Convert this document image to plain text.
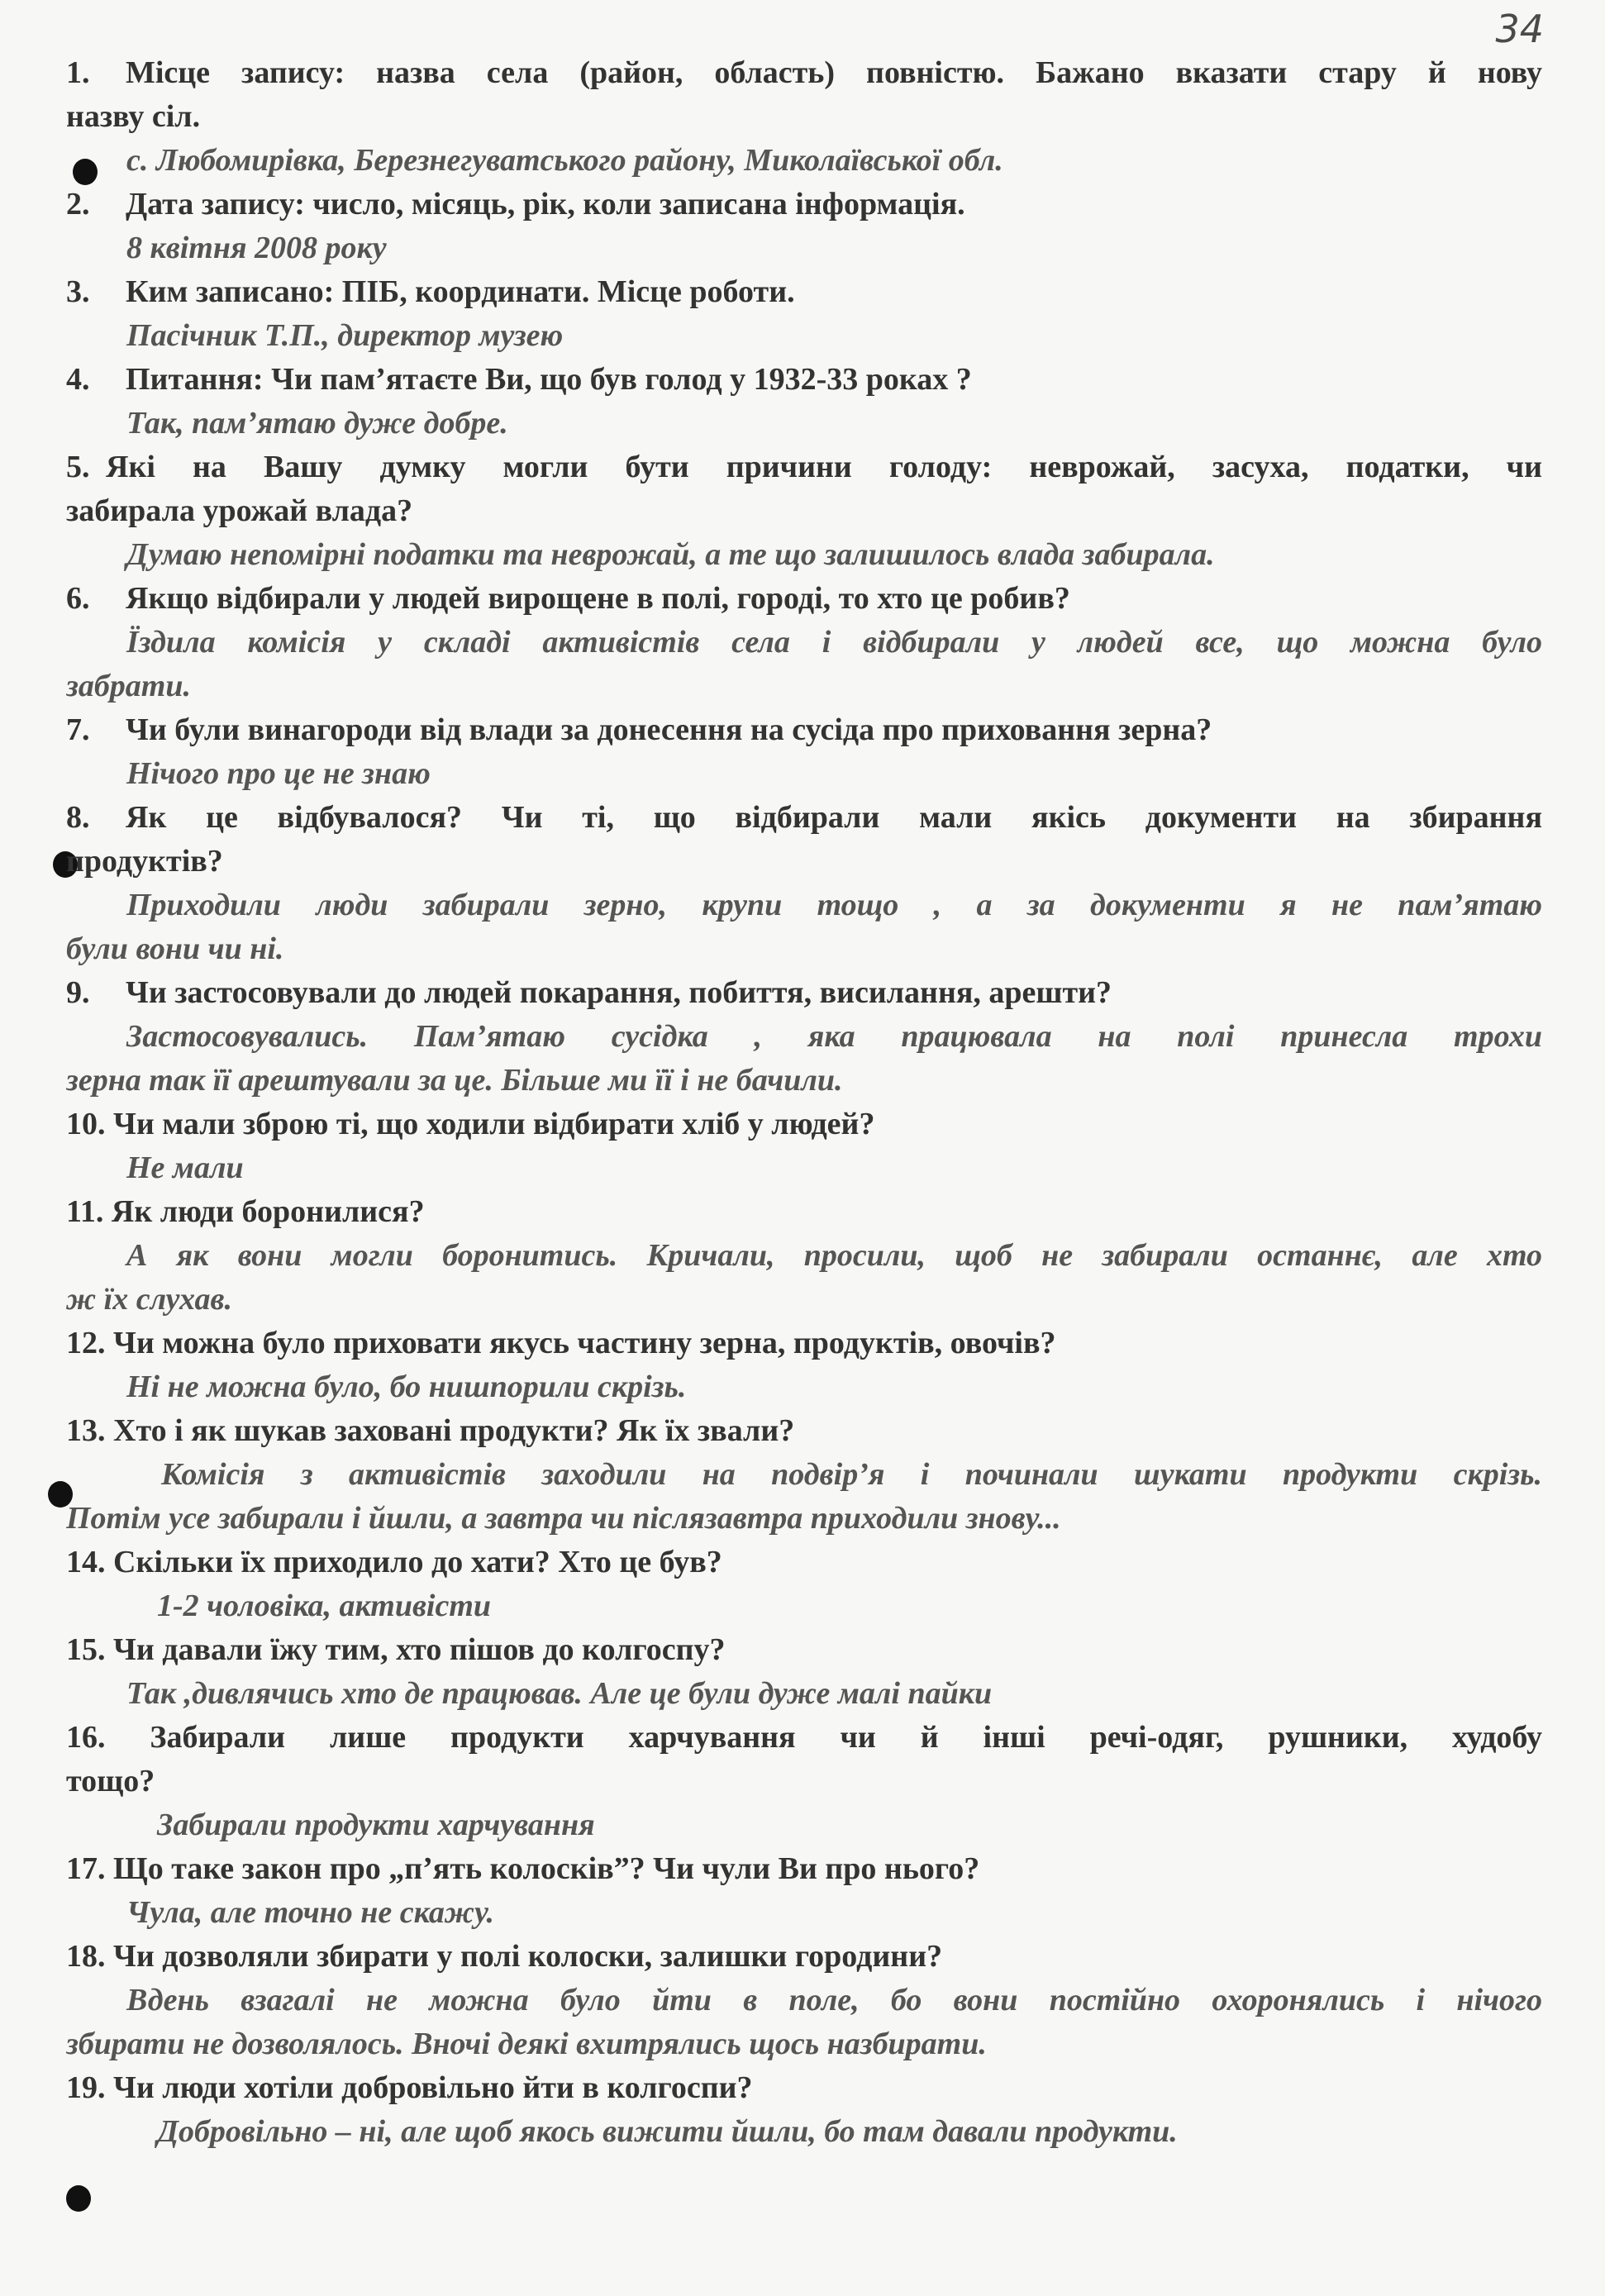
34
1. Місце запису: назва села (район, область) повністю. Бажано вказати стару й нову
назву сіл.
с. Любомирівка, Березнегуватського району, Миколаївської обл.
2. Дата запису: число, місяць, рік, коли записана інформація.
8 квітня 2008 року
3. Ким записано: ПІБ, координати. Місце роботи.
Пасічник Т.П., директор музею
4. Питання: Чи пам’ятаєте Ви, що був голод у 1932-33 роках ?
Так, пам’ятаю дуже добре.
5. Які на Вашу думку могли бути причини голоду: неврожай, засуха, податки, чи
забирала урожай влада?
Думаю непомірні податки та неврожай, а те що залишилось влада забирала.
6. Якщо відбирали у людей вирощене в полі, городі, то хто це робив?
Їздила комісія у складі активістів села і відбирали у людей все, що можна було
забрати.
7. Чи були винагороди від влади за донесення на сусіда про приховання зерна?
Нічого про це не знаю
8. Як це відбувалося? Чи ті, що відбирали мали якісь документи на збирання
продуктів?
Приходили люди забирали зерно, крупи тощо , а за документи я не пам’ятаю
були вони чи ні.
9. Чи застосовували до людей покарання, побиття, висилання, арешти?
Застосовувались. Пам’ятаю сусідка , яка працювала на полі принесла трохи
зерна так її арештували за це. Більше ми її і не бачили.
10. Чи мали зброю ті, що ходили відбирати хліб у людей?
Не мали
11. Як люди боронилися?
А як вони могли боронитись. Кричали, просили, щоб не забирали останнє, але хто
ж їх слухав.
12. Чи можна було приховати якусь частину зерна, продуктів, овочів?
Ні не можна було, бо нишпорили скрізь.
13. Хто і як шукав заховані продукти? Як їх звали?
Комісія з активістів заходили на подвір’я і починали шукати продукти скрізь.
Потім усе забирали і йшли, а завтра чи післязавтра приходили знову...
14. Скільки їх приходило до хати? Хто це був?
1-2 чоловіка, активісти
15. Чи давали їжу тим, хто пішов до колгоспу?
Так ,дивлячись хто де працював. Але це були дуже малі пайки
16. Забирали лише продукти харчування чи й інші речі-одяг, рушники, худобу
тощо?
Забирали продукти харчування
17. Що таке закон про „п’ять колосків”? Чи чули Ви про нього?
Чула, але точно не скажу.
18. Чи дозволяли збирати у полі колоски, залишки городини?
Вдень взагалі не можна було йти в поле, бо вони постійно охоронялись і нічого
збирати не дозволялось. Вночі деякі вхитрялись щось назбирати.
19. Чи люди хотіли добровільно йти в колгоспи?
Добровільно – ні, але щоб якось вижити йшли, бо там давали продукти.
